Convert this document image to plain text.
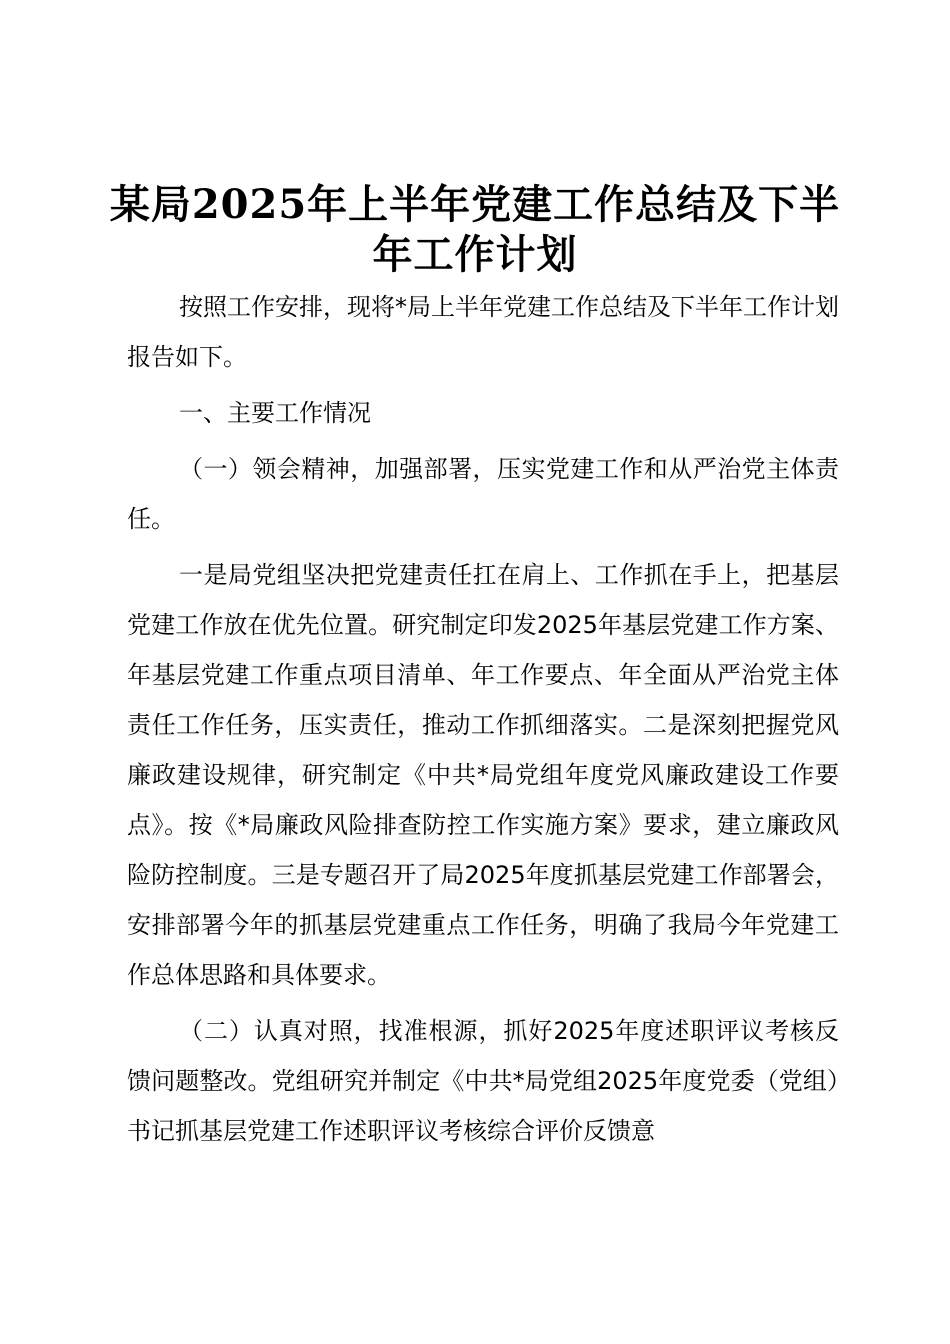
某局2025年上半年党建工作总结及下半年工作计划

按照工作安排，现将*局上半年党建工作总结及下半年工作计划报告如下。

一、主要工作情况

（一）领会精神，加强部署，压实党建工作和从严治党主体责任。

一是局党组坚决把党建责任扛在肩上、工作抓在手上，把基层党建工作放在优先位置。研究制定印发2025年基层党建工作方案、年基层党建工作重点项目清单、年工作要点、年全面从严治党主体责任工作任务，压实责任，推动工作抓细落实。二是深刻把握党风廉政建设规律，研究制定《中共*局党组年度党风廉政建设工作要点》。按《*局廉政风险排查防控工作实施方案》要求，建立廉政风险防控制度。三是专题召开了局2025年度抓基层党建工作部署会，安排部署今年的抓基层党建重点工作任务，明确了我局今年党建工作总体思路和具体要求。

（二）认真对照，找准根源，抓好2025年度述职评议考核反馈问题整改。党组研究并制定《中共*局党组2025年度党委（党组）书记抓基层党建工作述职评议考核综合评价反馈意
